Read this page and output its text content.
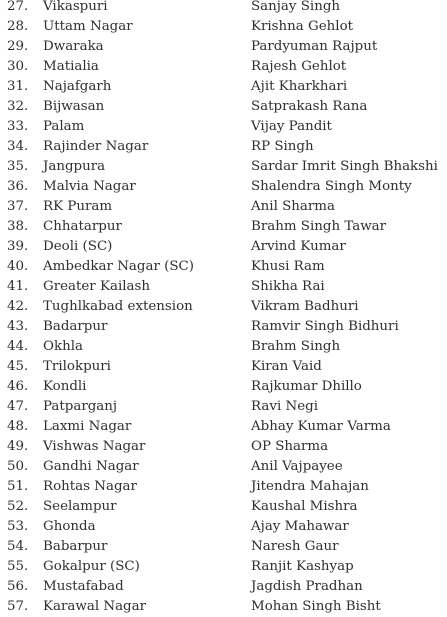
27. Vikaspuri	Sanjay Singh
28. Uttam Nagar	Krishna Gehlot
29. Dwaraka	Pardyuman Rajput
30. Matialia	Rajesh Gehlot
31. Najafgarh	Ajit Kharkhari
32. Bijwasan	Satprakash Rana
33. Palam	Vijay Pandit
34. Rajinder Nagar	RP Singh
35. Jangpura	Sardar Imrit Singh Bhakshi
36. Malvia Nagar	Shalendra Singh Monty
37. RK Puram	Anil Sharma
38. Chhatarpur	Brahm Singh Tawar
39. Deoli (SC)	Arvind Kumar
40. Ambedkar Nagar (SC)	Khusi Ram
41. Greater Kailash	Shikha Rai
42. Tughlkabad extension	Vikram Badhuri
43. Badarpur	Ramvir Singh Bidhuri
44. Okhla	Brahm Singh
45. Trilokpuri	Kiran Vaid
46. Kondli	Rajkumar Dhillo
47. Patparganj	Ravi Negi
48. Laxmi Nagar	Abhay Kumar Varma
49. Vishwas Nagar	OP Sharma
50. Gandhi Nagar	Anil Vajpayee
51. Rohtas Nagar	Jitendra Mahajan
52. Seelampur	Kaushal Mishra
53. Ghonda	Ajay Mahawar
54. Babarpur	Naresh Gaur
55. Gokalpur (SC)	Ranjit Kashyap
56. Mustafabad	Jagdish Pradhan
57. Karawal Nagar	Mohan Singh Bisht
